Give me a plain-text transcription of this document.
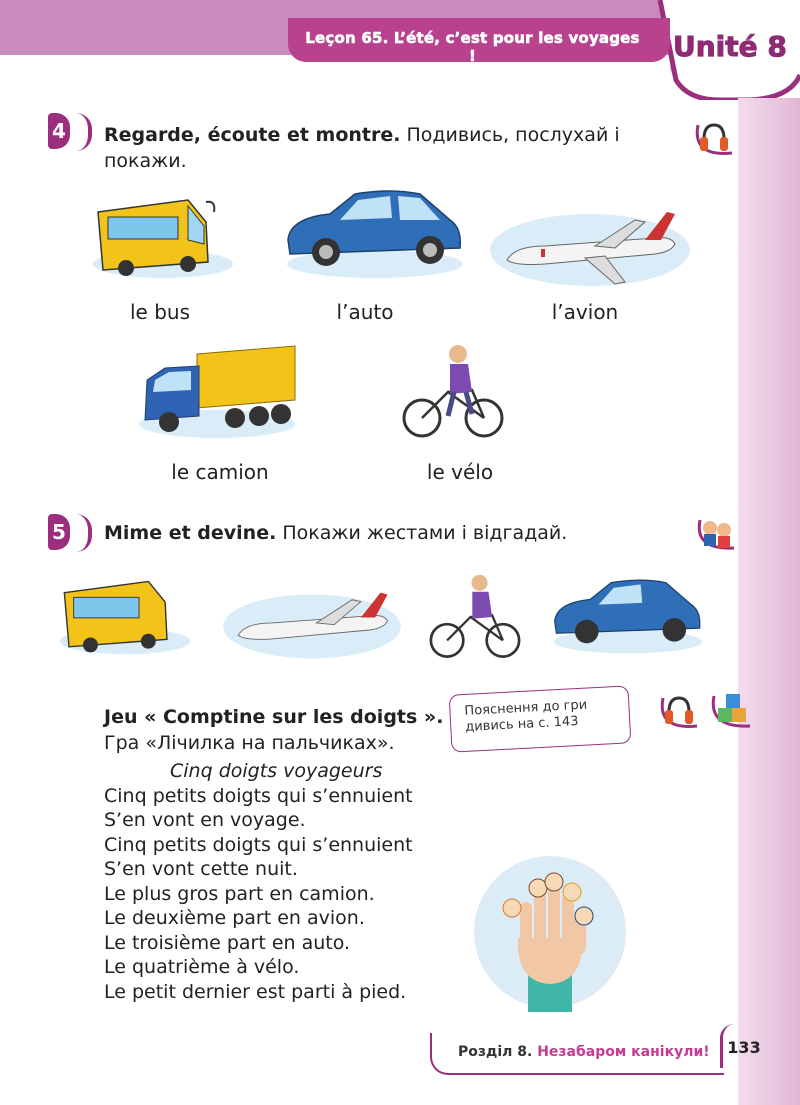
Leçon 65. L’été, c’est pour les voyages !	Unité 8
4 Regarde, écoute et montre. Подивись, послухай і покажи.
le bus	l’auto	l’avion
le camion	le vélo
5 Mime et devine. Покажи жестами і відгадай.
Jeu « Comptine sur les doigts ».
Гра «Лічилка на пальчиках».
Пояснення до гри
дивись на с. 143
Cinq doigts voyageurs
Cinq petits doigts qui s’ennuient
S’en vont en voyage.
Cinq petits doigts qui s’ennuient
S’en vont cette nuit.
Le plus gros part en camion.
Le deuxième part en avion.
Le troisième part en auto.
Le quatrième à vélo.
Le petit dernier est parti à pied.
Розділ 8. Незабаром канікули!	133
